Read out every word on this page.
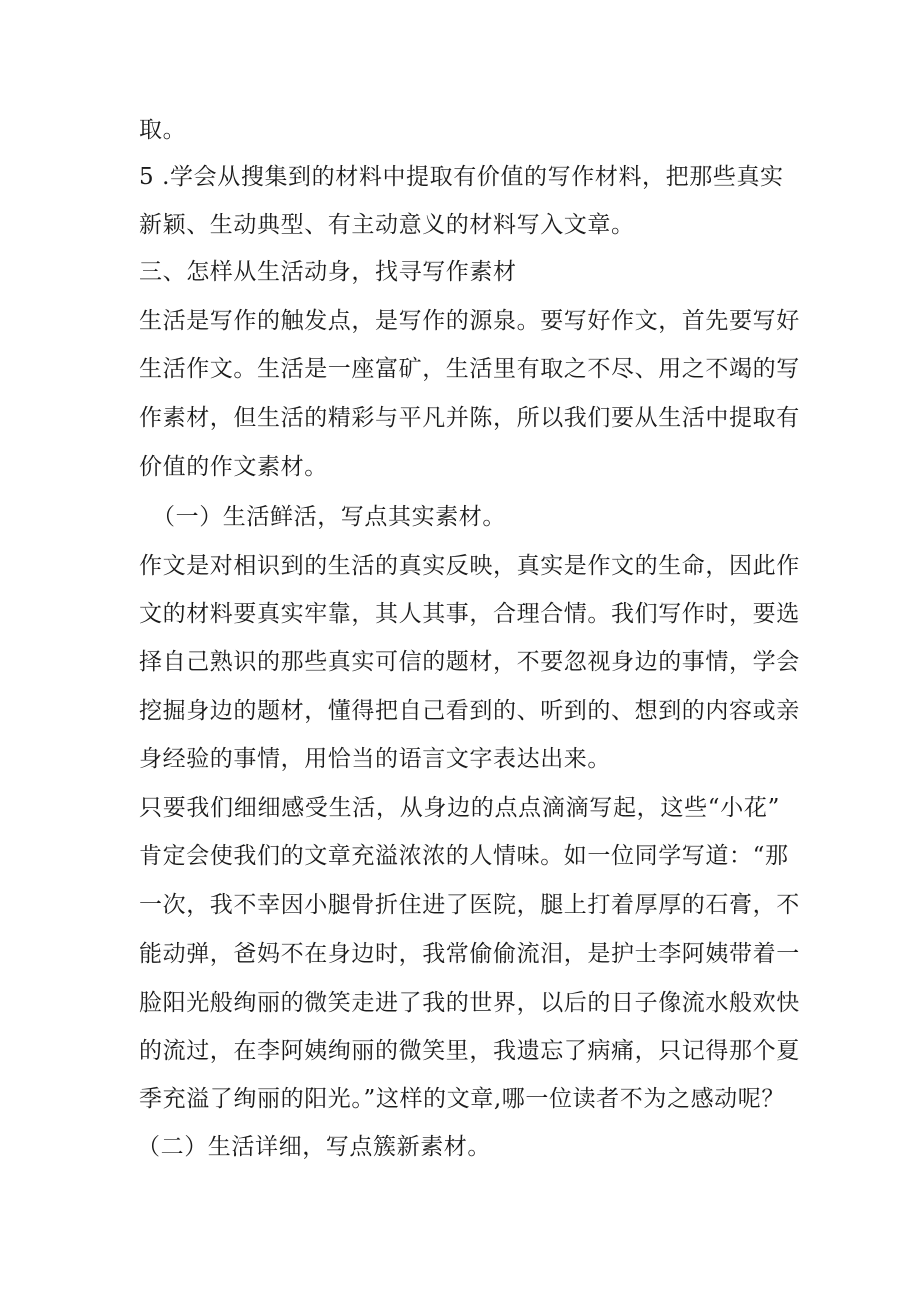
取。
5 .学会从搜集到的材料中提取有价值的写作材料，把那些真实
新颖、生动典型、有主动意义的材料写入文章。
三、怎样从生活动身，找寻写作素材
生活是写作的触发点，是写作的源泉。要写好作文，首先要写好
生活作文。生活是一座富矿，生活里有取之不尽、用之不竭的写
作素材，但生活的精彩与平凡并陈，所以我们要从生活中提取有
价值的作文素材。
（一）生活鲜活，写点其实素材。
作文是对相识到的生活的真实反映，真实是作文的生命，因此作
文的材料要真实牢靠，其人其事，合理合情。我们写作时，要选
择自己熟识的那些真实可信的题材，不要忽视身边的事情，学会
挖掘身边的题材，懂得把自己看到的、听到的、想到的内容或亲
身经验的事情，用恰当的语言文字表达出来。
只要我们细细感受生活，从身边的点点滴滴写起，这些“小花”
肯定会使我们的文章充溢浓浓的人情味。如一位同学写道：“那
一次，我不幸因小腿骨折住进了医院，腿上打着厚厚的石膏，不
能动弹，爸妈不在身边时，我常偷偷流泪，是护士李阿姨带着一
脸阳光般绚丽的微笑走进了我的世界，以后的日子像流水般欢快
的流过，在李阿姨绚丽的微笑里，我遗忘了病痛，只记得那个夏
季充溢了绚丽的阳光。”这样的文章,哪一位读者不为之感动呢？
（二）生活详细，写点簇新素材。
